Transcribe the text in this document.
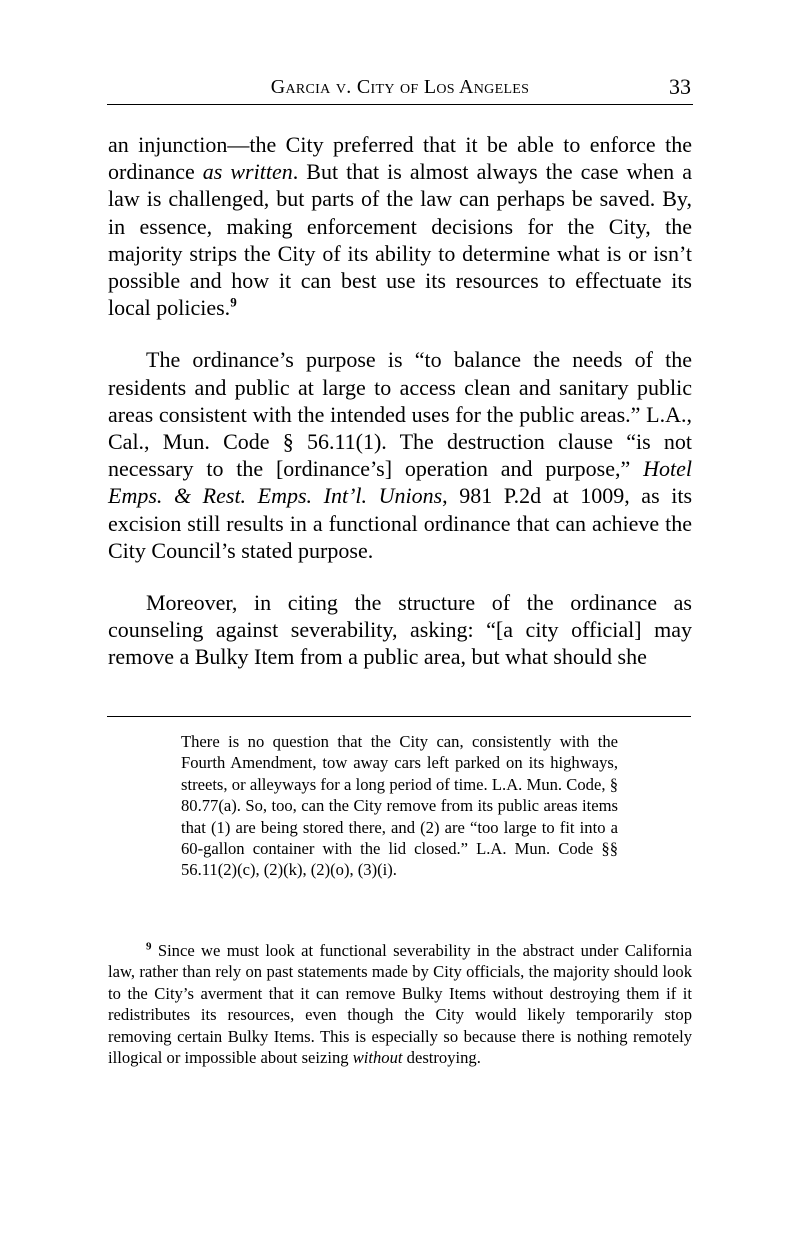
Garcia v. City of Los Angeles	33

an injunction—the City preferred that it be able to enforce the ordinance as written. But that is almost always the case when a law is challenged, but parts of the law can perhaps be saved. By, in essence, making enforcement decisions for the City, the majority strips the City of its ability to determine what is or isn’t possible and how it can best use its resources to effectuate its local policies.$^9$

The ordinance’s purpose is “to balance the needs of the residents and public at large to access clean and sanitary public areas consistent with the intended uses for the public areas.” L.A., Cal., Mun. Code § 56.11(1). The destruction clause “is not necessary to the [ordinance’s] operation and purpose,” Hotel Emps. & Rest. Emps. Int’l. Unions, 981 P.2d at 1009, as its excision still results in a functional ordinance that can achieve the City Council’s stated purpose.

Moreover, in citing the structure of the ordinance as counseling against severability, asking: “[a city official] may remove a Bulky Item from a public area, but what should she

There is no question that the City can, consistently with the Fourth Amendment, tow away cars left parked on its highways, streets, or alleyways for a long period of time. L.A. Mun. Code, § 80.77(a). So, too, can the City remove from its public areas items that (1) are being stored there, and (2) are “too large to fit into a 60-gallon container with the lid closed.” L.A. Mun. Code §§ 56.11(2)(c), (2)(k), (2)(o), (3)(i).
$^9$ Since we must look at functional severability in the abstract under California law, rather than rely on past statements made by City officials, the majority should look to the City’s averment that it can remove Bulky Items without destroying them if it redistributes its resources, even though the City would likely temporarily stop removing certain Bulky Items. This is especially so because there is nothing remotely illogical or impossible about seizing without destroying.
